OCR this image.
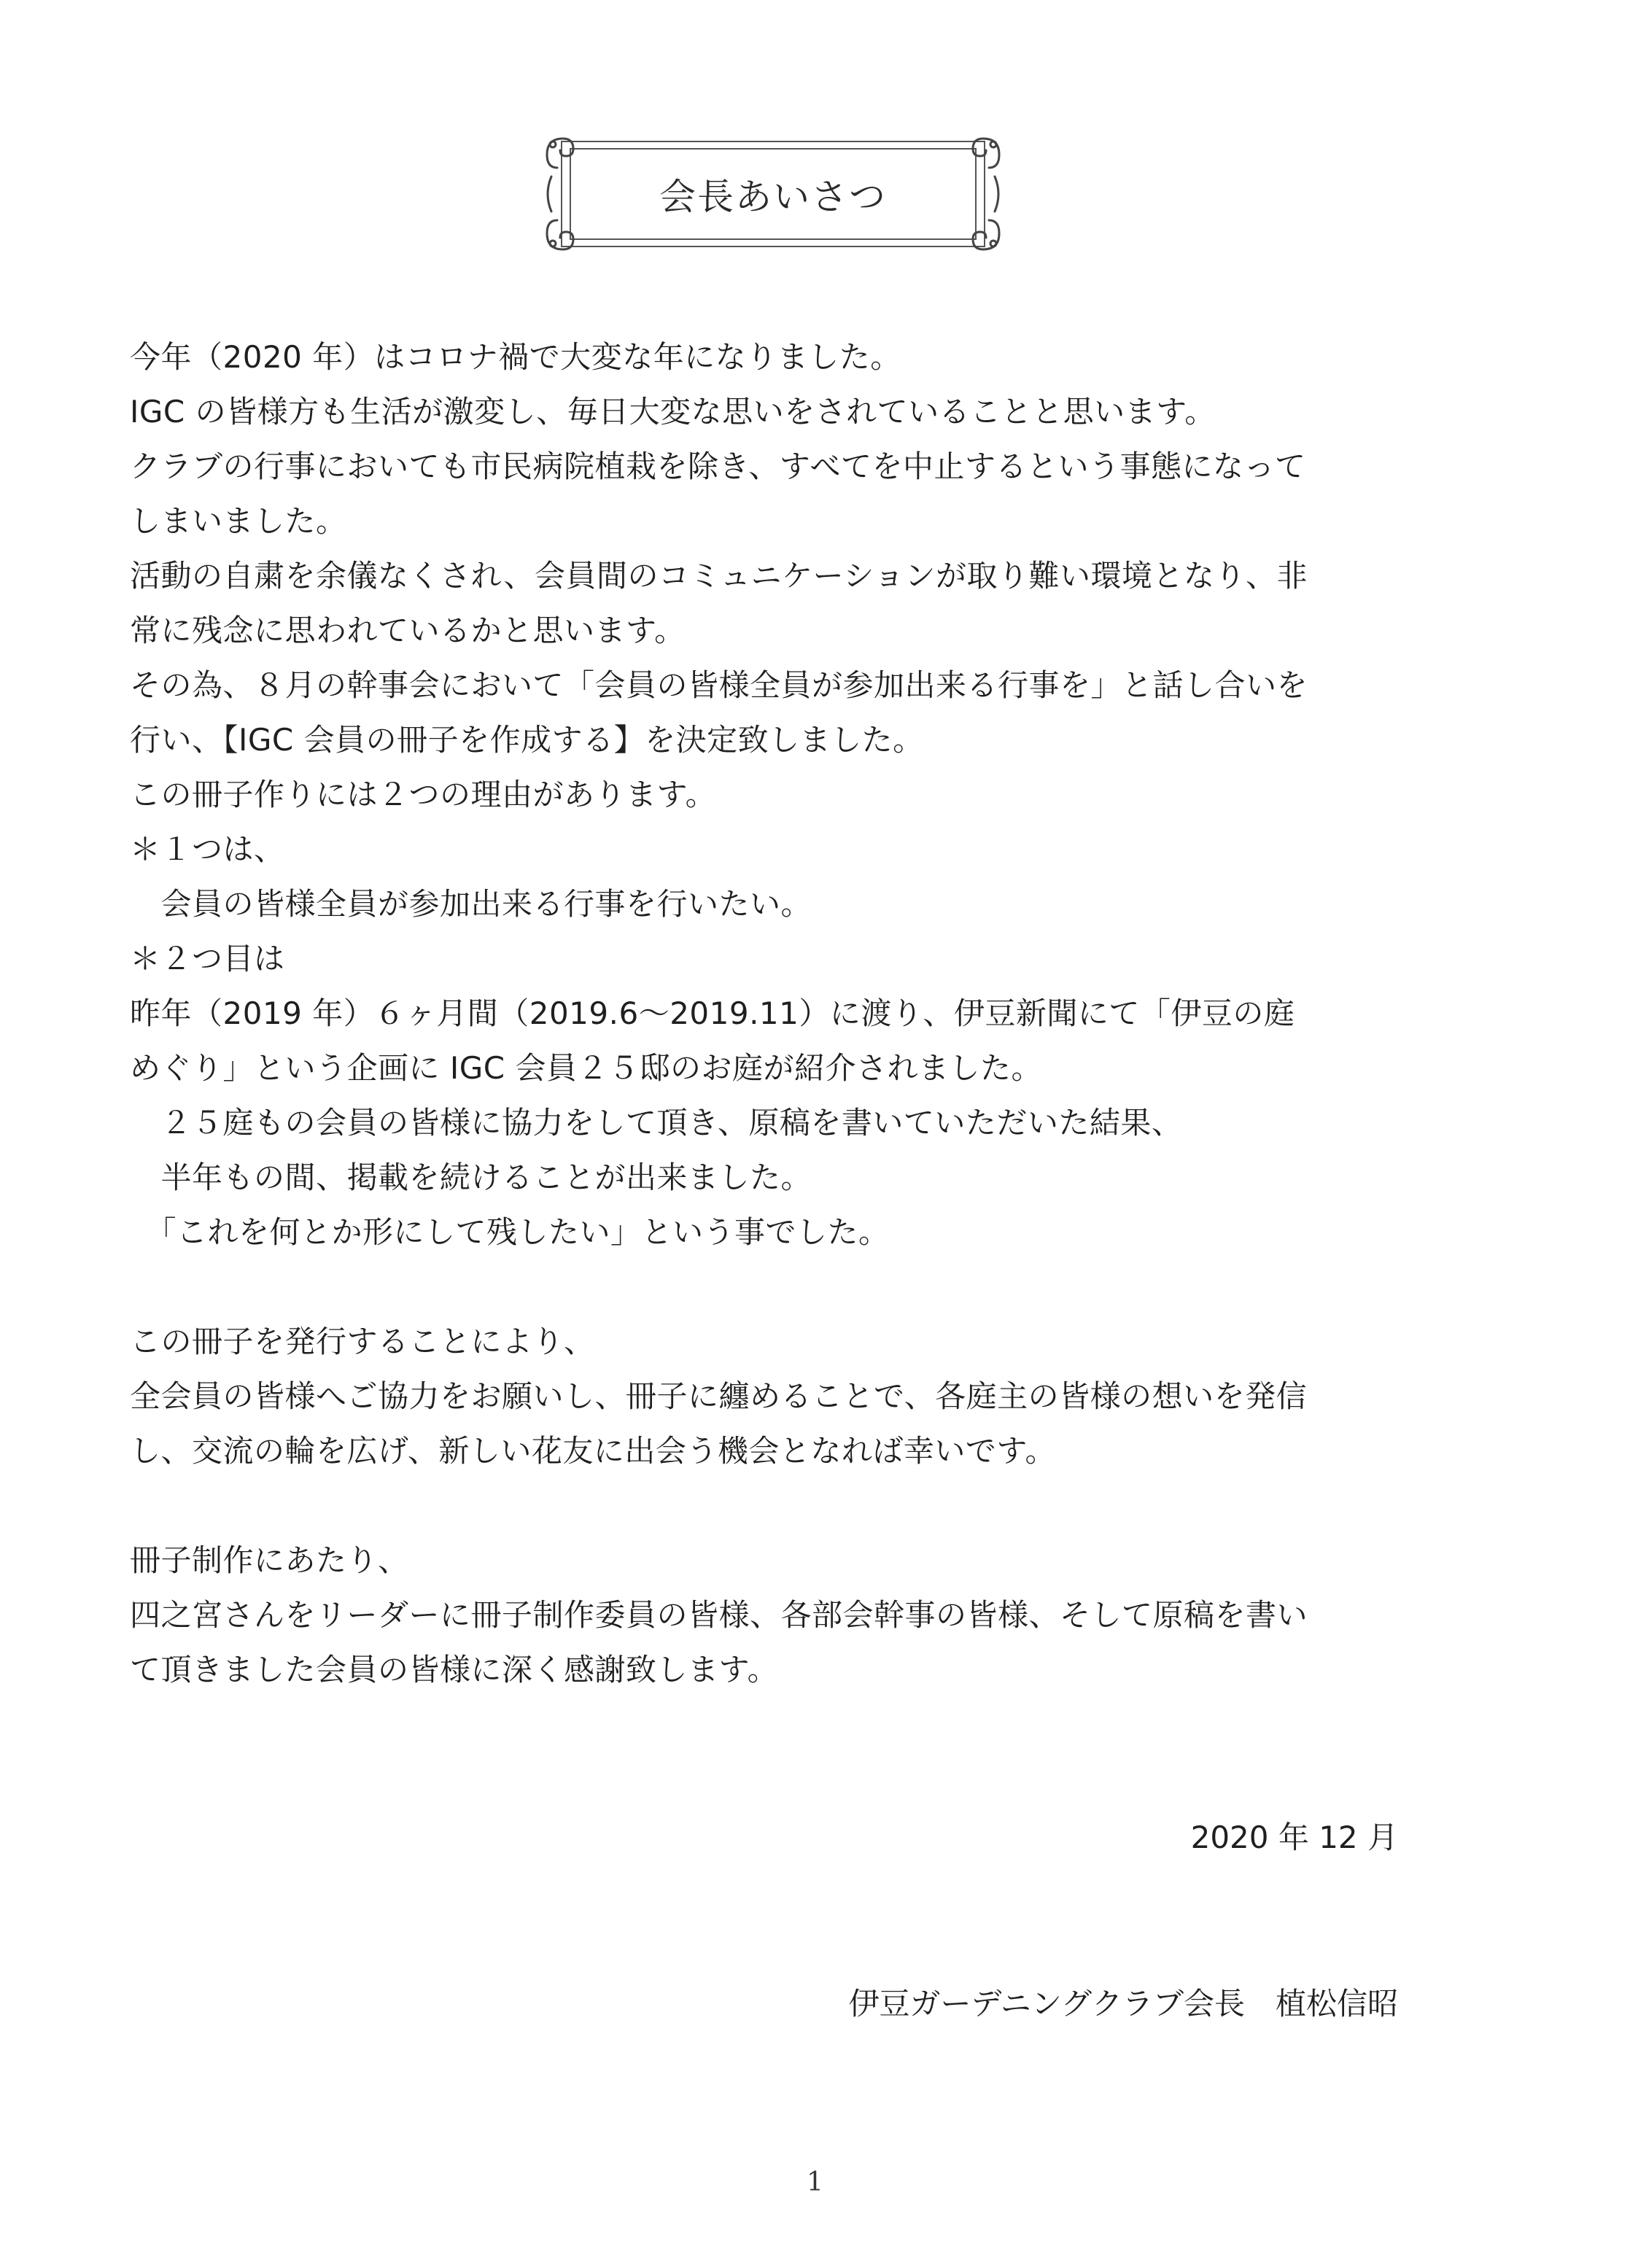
会長あいさつ
今年（2020 年）はコロナ禍で大変な年になりました。
IGC の皆様方も生活が激変し、毎日大変な思いをされていることと思います。
クラブの行事においても市民病院植栽を除き、すべてを中止するという事態になって
しまいました。
活動の自粛を余儀なくされ、会員間のコミュニケーションが取り難い環境となり、非
常に残念に思われているかと思います。
その為、８月の幹事会において「会員の皆様全員が参加出来る行事を」と話し合いを
行い、【IGC 会員の冊子を作成する】を決定致しました。
この冊子作りには２つの理由があります。
＊１つは、
　会員の皆様全員が参加出来る行事を行いたい。
＊２つ目は
昨年（2019 年）６ヶ月間（2019.6～2019.11）に渡り、伊豆新聞にて「伊豆の庭
めぐり」という企画に IGC 会員２５邸のお庭が紹介されました。
　２５庭もの会員の皆様に協力をして頂き、原稿を書いていただいた結果、
　半年もの間、掲載を続けることが出来ました。
　「これを何とか形にして残したい」という事でした。
この冊子を発行することにより、
全会員の皆様へご協力をお願いし、冊子に纏めることで、各庭主の皆様の想いを発信
し、交流の輪を広げ、新しい花友に出会う機会となれば幸いです。
冊子制作にあたり、
四之宮さんをリーダーに冊子制作委員の皆様、各部会幹事の皆様、そして原稿を書い
て頂きました会員の皆様に深く感謝致します。
2020 年 12 月
伊豆ガーデニングクラブ会長　植松信昭
1
